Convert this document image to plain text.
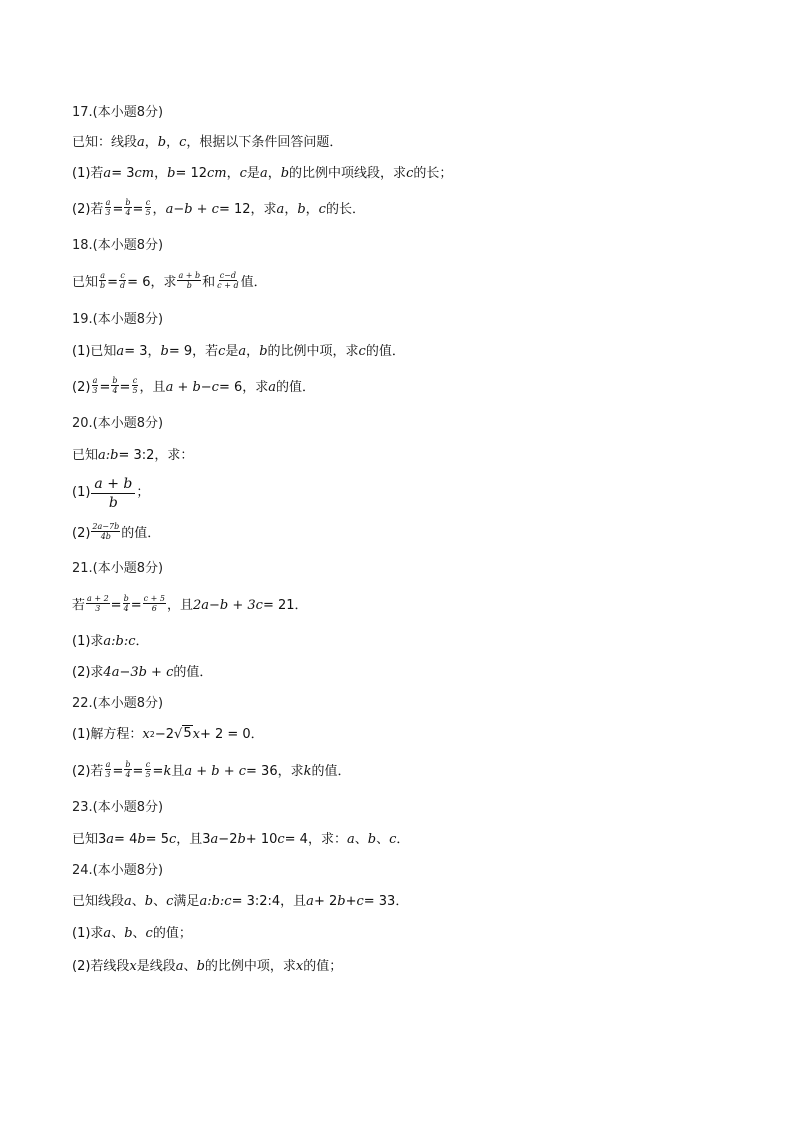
17.(本小题8分)
已知：线段 a ， b ， c ，根据以下条件回答问题．
(1)若 a = 3 cm ， b = 12 cm ， c 是 a ， b 的比例中项线段，求 c 的长；
(2)若 $\frac{a}{3} = \frac{b}{4} = \frac{c}{5}$ ， a−b + c = 12，求 a ， b ， c 的长．
18.(本小题8分)
已知 $\frac{a}{b} = \frac{c}{d} = 6$，求 $\frac{a + b}{b}$ 和 $\frac{c-d}{c + d}$ 值．
19.(本小题8分)
(1)已知 a = 3， b = 9，若 c 是 a ， b 的比例中项，求 c 的值．
$(2) \frac{a}{3} = \frac{b}{4} = \frac{c}{5}$ ，且 a + b−c = 6，求 a 的值．
20.(本小题8分)
已知 a:b = 3:2，求：
$(1) \frac{a + b}{b}$ ；
$(2) \frac{2a-7b}{4b}$ 的值．
21.(本小题8分)
若 $\frac{a + 2}{3} = \frac{b}{4} = \frac{c + 5}{6}$ ，且 2a−b + 3c = 21．
(1)求 a:b:c ．
(2)求 4a−3b + c 的值．
22.(本小题8分)
(1)解方程： x 2 −2 √ 5 x + 2 = 0．
(2)若 $\frac{a}{3} = \frac{b}{4} = \frac{c}{5} = k$ 且 a + b + c = 36，求 k 的值．
23.(本小题8分)
已知3 a = 4 b = 5 c ，且3 a −2 b + 10 c = 4，求： a 、 b 、 c ．
24.(本小题8分)
已知线段 a 、 b 、 c 满足 a:b:c = 3:2:4，且 a + 2 b + c = 33．
(1)求 a 、 b 、 c 的值；
(2)若线段 x 是线段 a 、 b 的比例中项，求 x 的值；
